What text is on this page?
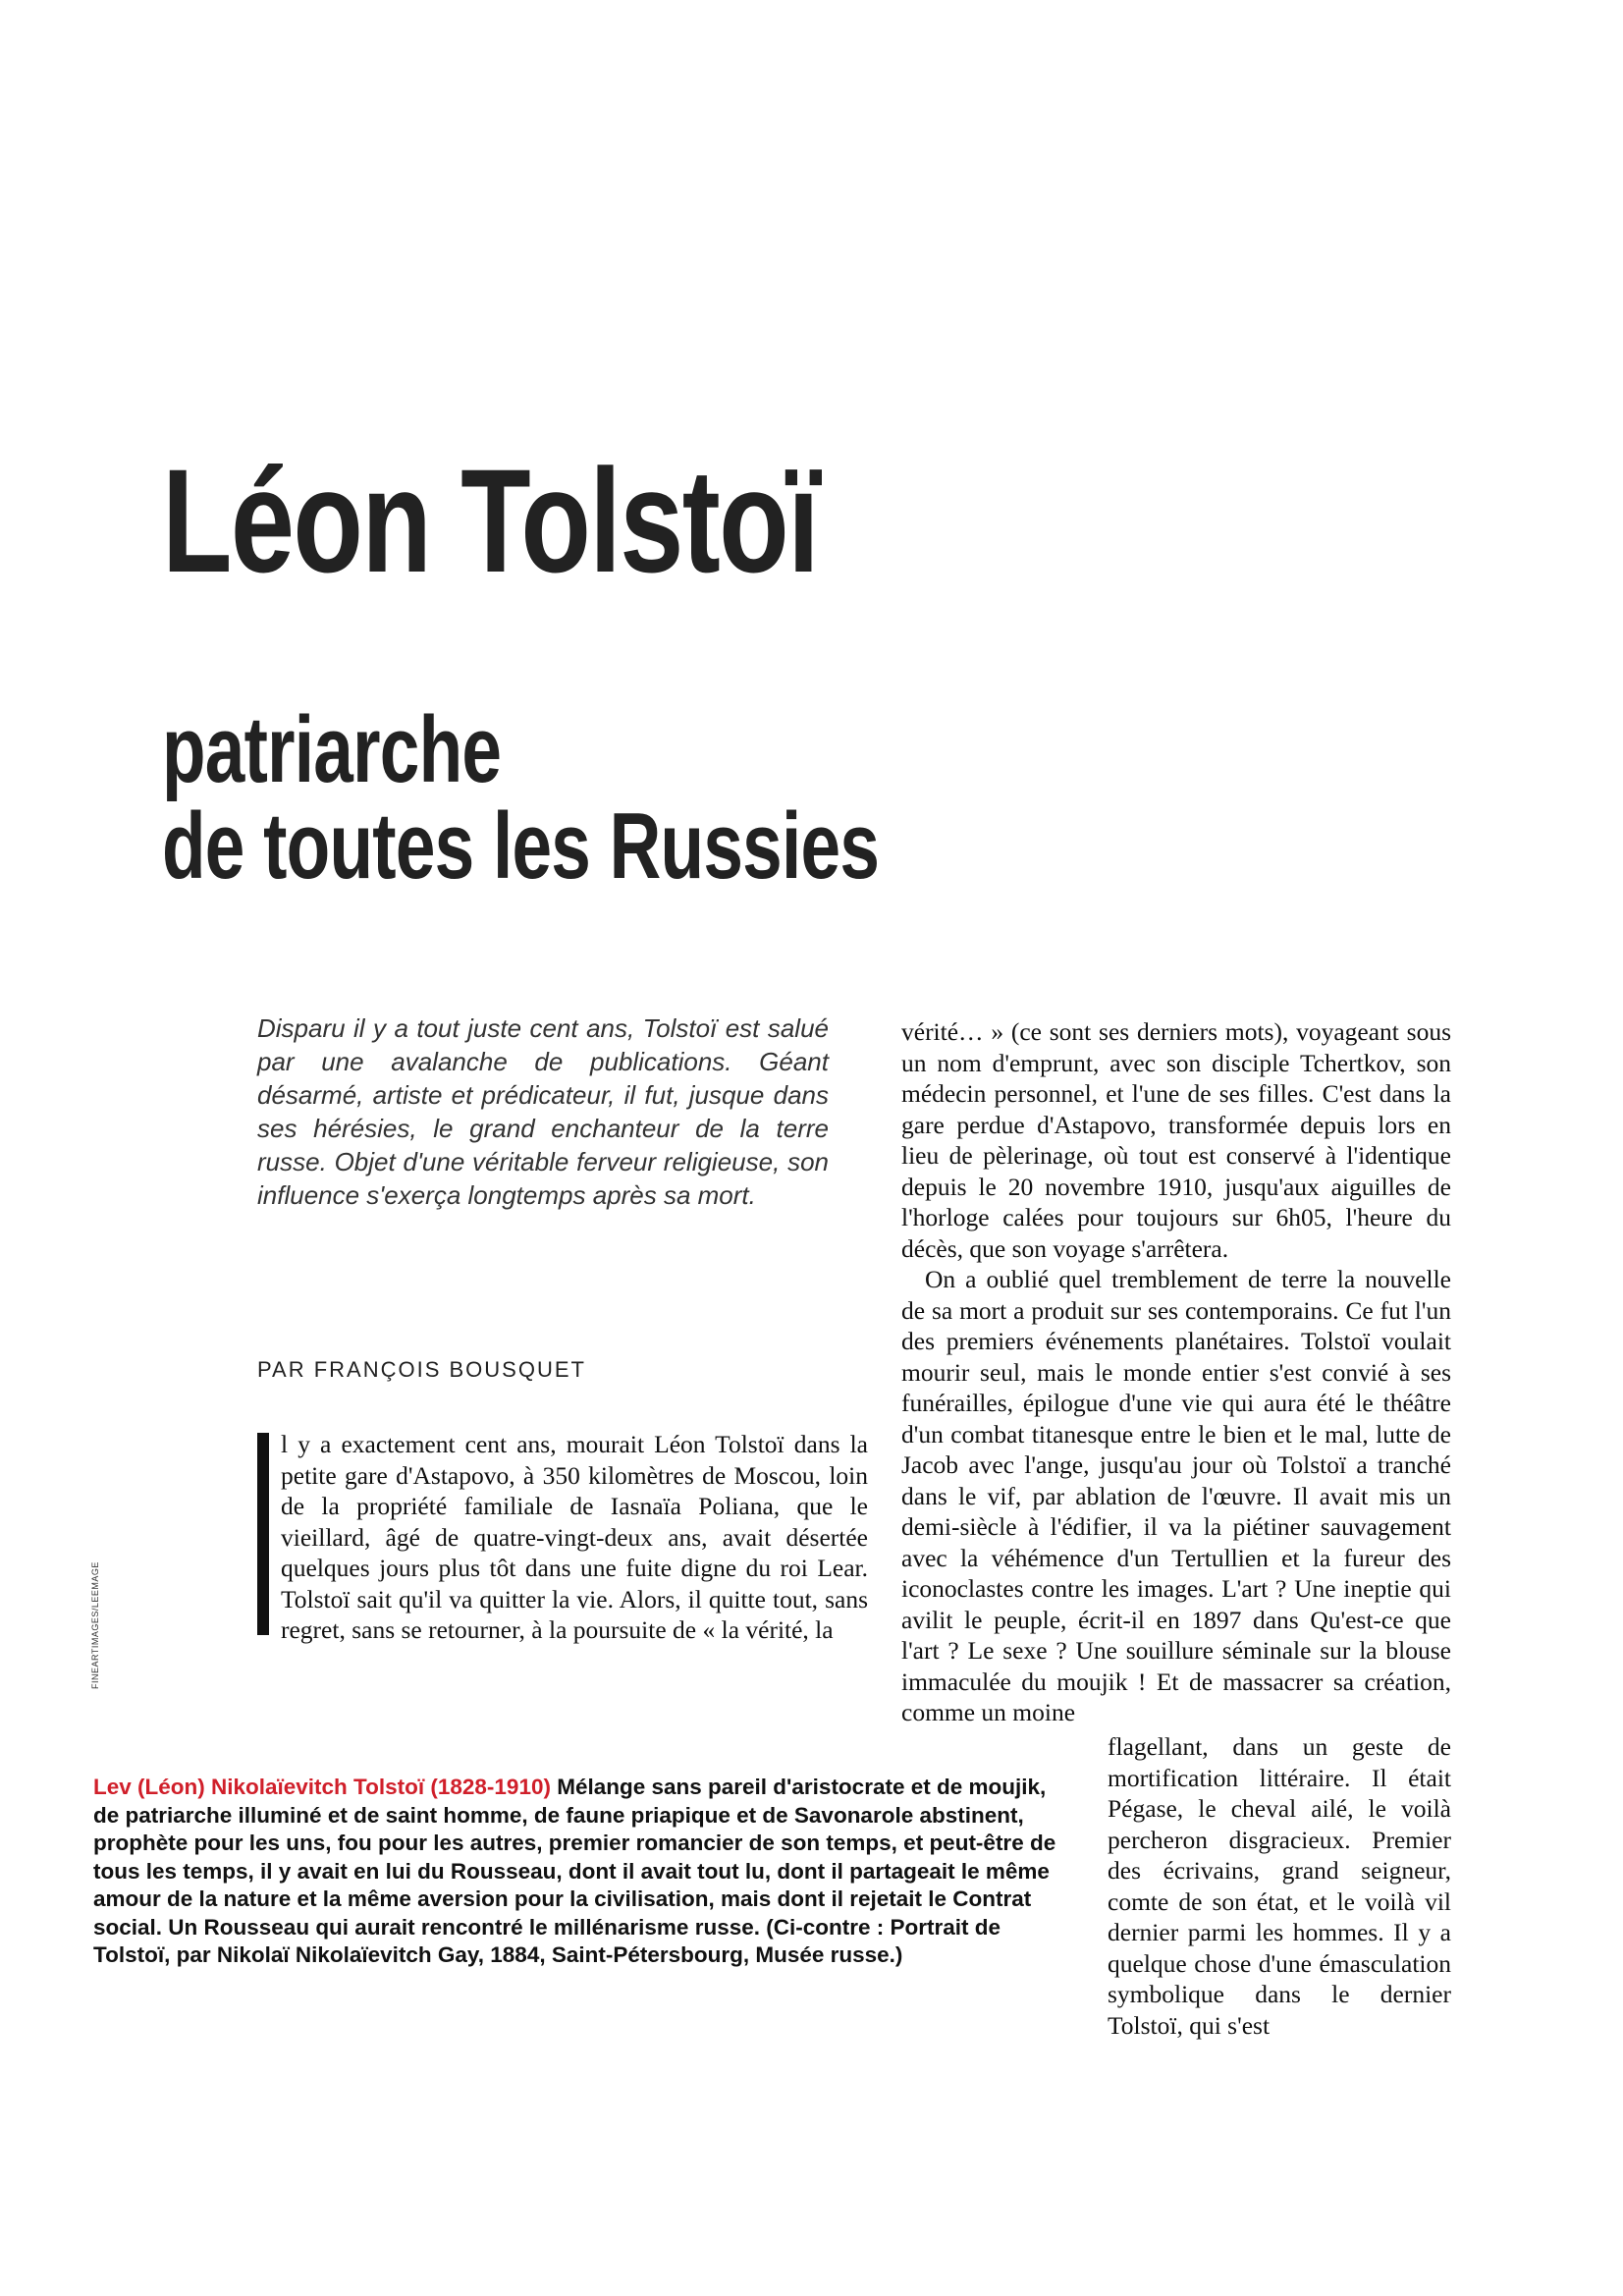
Léon Tolstoï
patriarche
de toutes les Russies

Disparu il y a tout juste cent ans, Tolstoï est salué par une avalanche de publications. Géant désarmé, artiste et prédicateur, il fut, jusque dans ses hérésies, le grand enchanteur de la terre russe. Objet d'une véritable ferveur religieuse, son influence s'exerça longtemps après sa mort.

PAR FRANÇOIS BOUSQUET

l y a exactement cent ans, mourait Léon Tolstoï dans la petite gare d'Astapovo, à 350 kilomètres de Moscou, loin de la propriété familiale de Iasnaïa Poliana, que le vieillard, âgé de quatre-vingt-deux ans, avait désertée quelques jours plus tôt dans une fuite digne du roi Lear. Tolstoï sait qu'il va quitter la vie. Alors, il quitte tout, sans regret, sans se retourner, à la poursuite de « la vérité, la

vérité… » (ce sont ses derniers mots), voyageant sous un nom d'emprunt, avec son disciple Tchertkov, son médecin personnel, et l'une de ses filles. C'est dans la gare perdue d'Astapovo, transformée depuis lors en lieu de pèlerinage, où tout est conservé à l'identique depuis le 20 novembre 1910, jusqu'aux aiguilles de l'horloge calées pour toujours sur 6h05, l'heure du décès, que son voyage s'arrêtera.

On a oublié quel tremblement de terre la nouvelle de sa mort a produit sur ses contemporains. Ce fut l'un des premiers événements planétaires. Tolstoï voulait mourir seul, mais le monde entier s'est convié à ses funérailles, épilogue d'une vie qui aura été le théâtre d'un combat titanesque entre le bien et le mal, lutte de Jacob avec l'ange, jusqu'au jour où Tolstoï a tranché dans le vif, par ablation de l'œuvre. Il avait mis un demi-siècle à l'édifier, il va la piétiner sauvagement avec la véhémence d'un Tertullien et la fureur des iconoclastes contre les images. L'art ? Une ineptie qui avilit le peuple, écrit-il en 1897 dans Qu'est-ce que l'art ? Le sexe ? Une souillure séminale sur la blouse immaculée du moujik ! Et de massacrer sa création, comme un moine

flagellant, dans un geste de mortification littéraire. Il était Pégase, le cheval ailé, le voilà percheron disgracieux. Premier des écrivains, grand seigneur, comte de son état, et le voilà vil dernier parmi les hommes. Il y a quelque chose d'une émasculation symbolique dans le dernier Tolstoï, qui s'est

Lev (Léon) Nikolaïevitch Tolstoï (1828-1910) Mélange sans pareil d'aristocrate et de moujik, de patriarche illuminé et de saint homme, de faune priapique et de Savonarole abstinent, prophète pour les uns, fou pour les autres, premier romancier de son temps, et peut-être de tous les temps, il y avait en lui du Rousseau, dont il avait tout lu, dont il partageait le même amour de la nature et la même aversion pour la civilisation, mais dont il rejetait le Contrat social. Un Rousseau qui aurait rencontré le millénarisme russe. (Ci-contre : Portrait de Tolstoï, par Nikolaï Nikolaïevitch Gay, 1884, Saint-Pétersbourg, Musée russe.)

FINEARTIMAGES/LEEMAGE
